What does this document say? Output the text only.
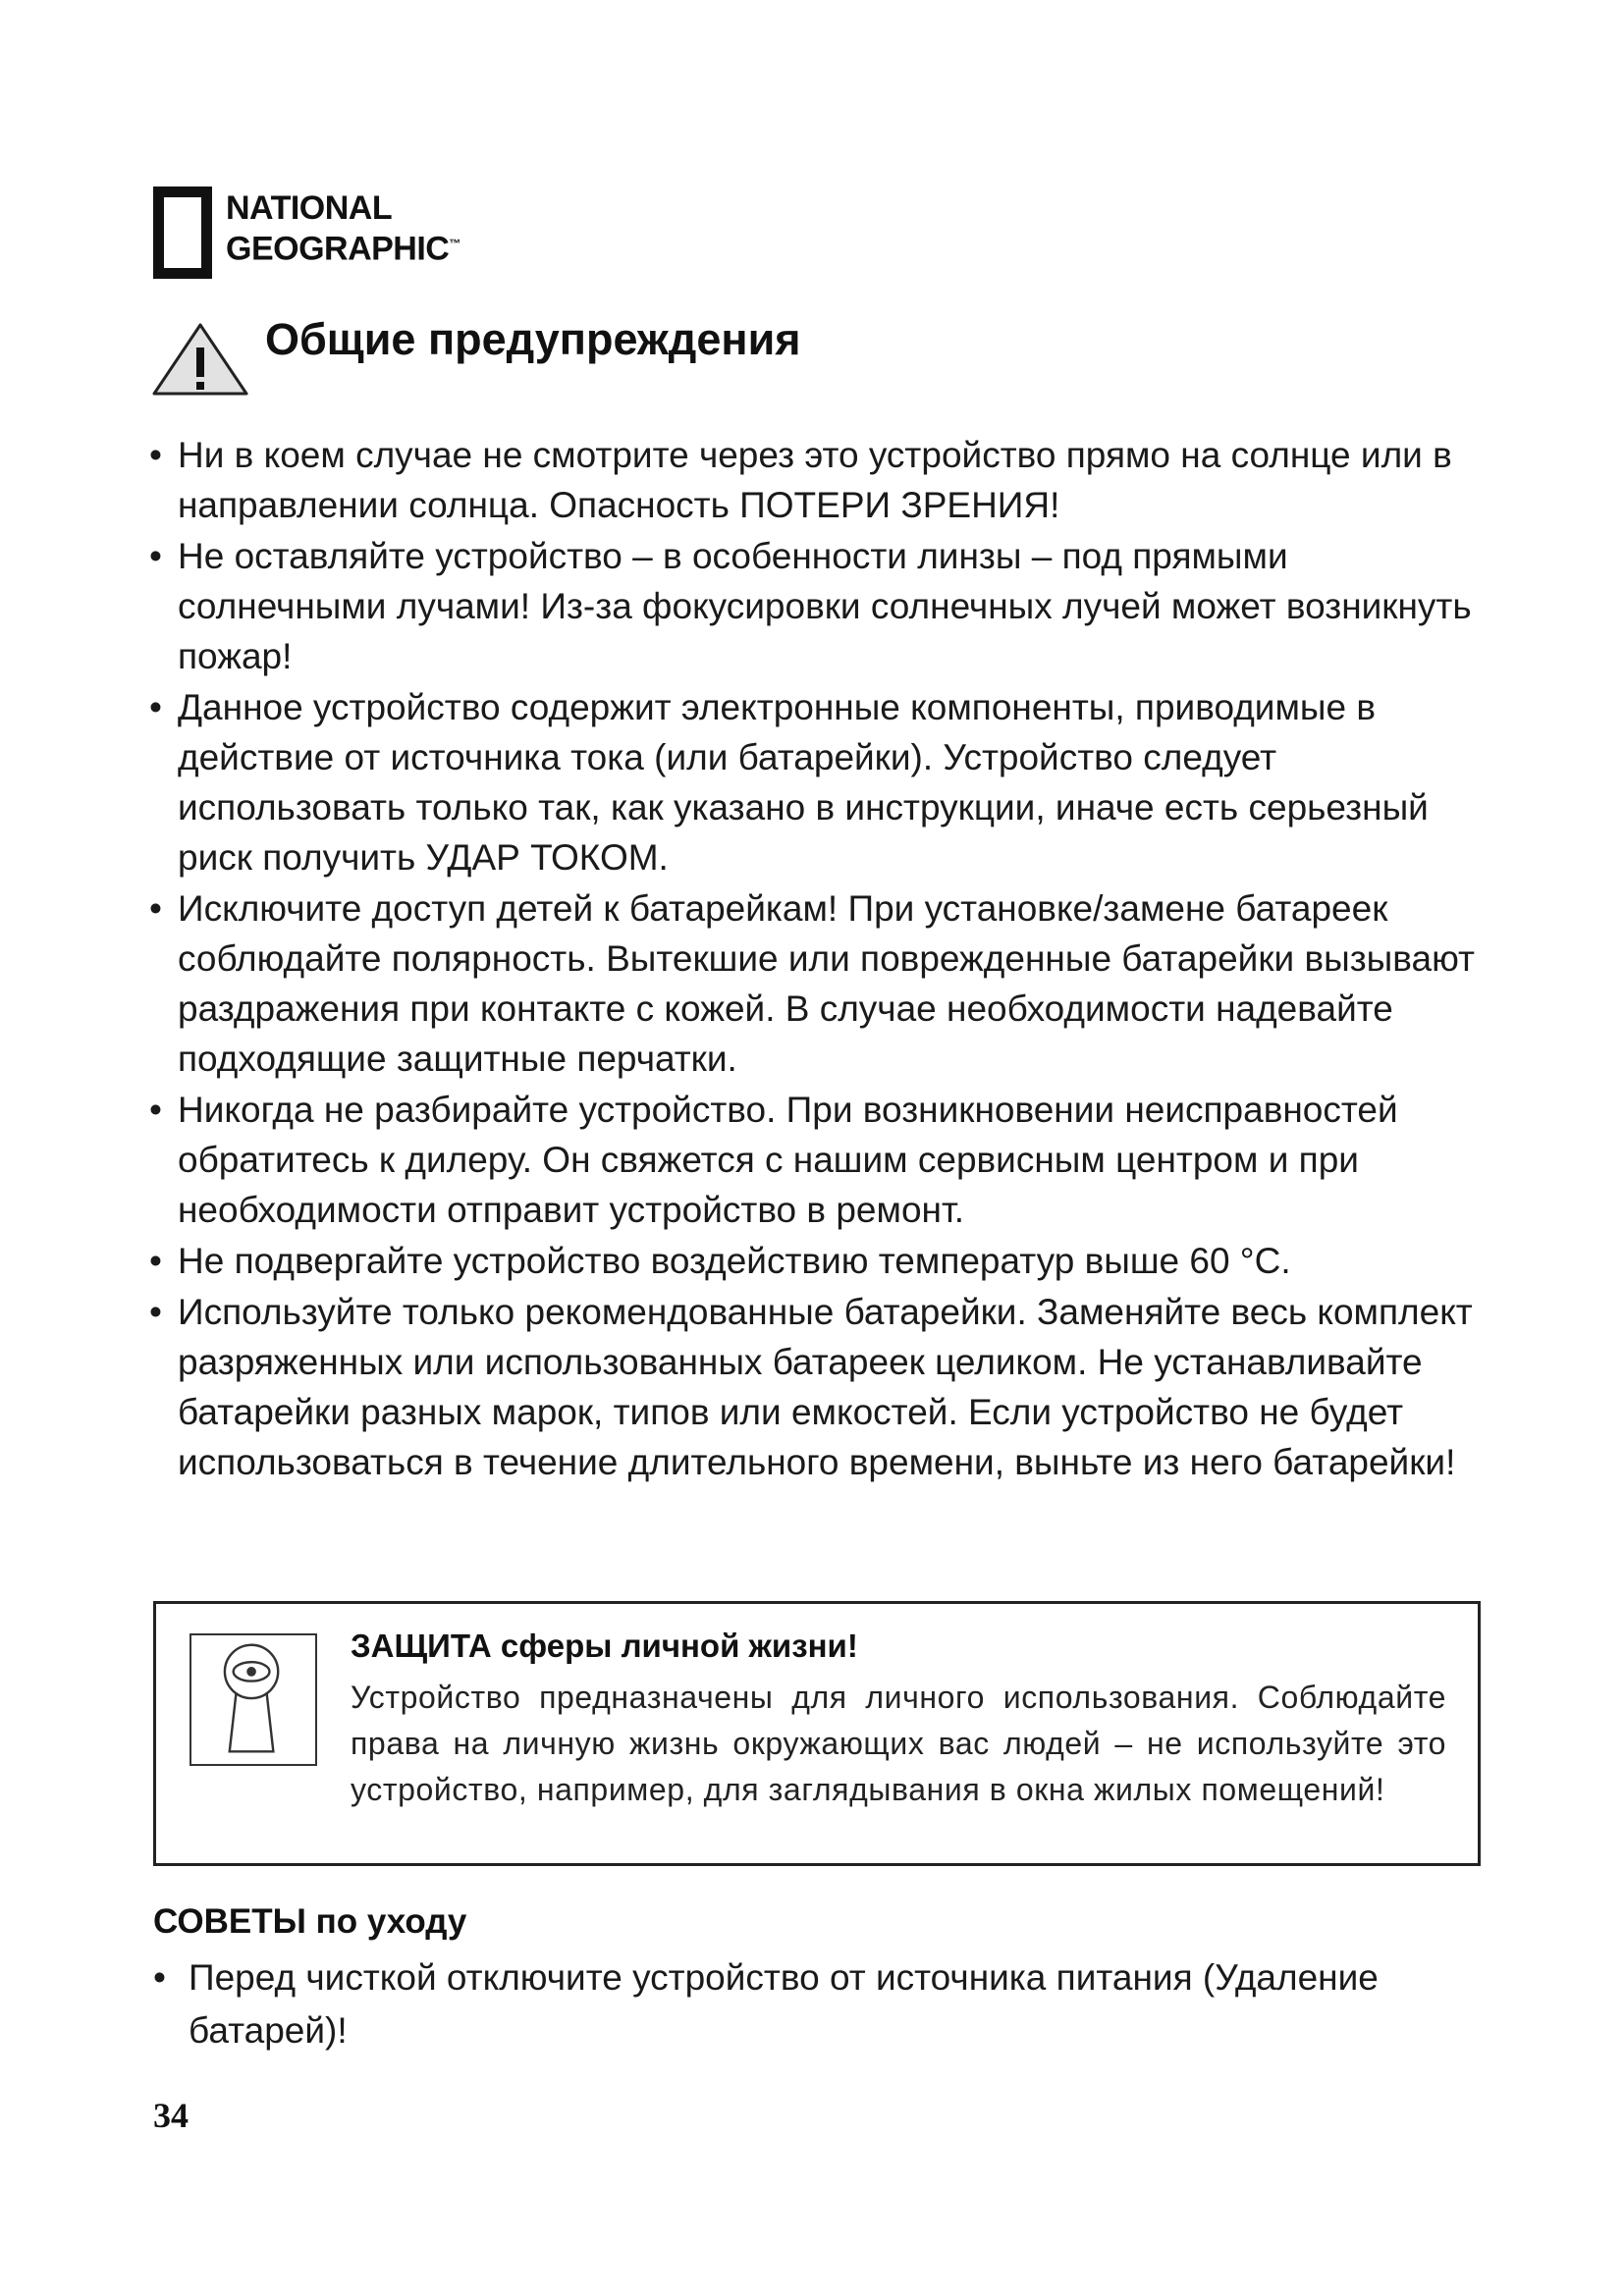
NATIONAL
GEOGRAPHIC™
Общие предупреждения
• Ни в коем случае не смотрите через это устройство прямо на солнце или в направлении солнца. Опасность ПОТЕРИ ЗРЕНИЯ!
• Не оставляйте устройство – в особенности линзы – под прямыми солнечными лучами! Из-за фокусировки солнечных лучей может возникнуть пожар!
• Данное устройство содержит электронные компоненты, приводимые в действие от источника тока (или батарейки). Устройство следует использовать только так, как указано в инструкции, иначе есть серьезный риск получить УДАР ТОКОМ.
• Исключите доступ детей к батарейкам! При установке/замене батареек соблюдайте полярность. Вытекшие или поврежденные батарейки вызывают раздражения при контакте с кожей. В случае необходимости надевайте подходящие защитные перчатки.
• Никогда не разбирайте устройство. При возникновении неисправностей обратитесь к дилеру. Он свяжется с нашим сервисным центром и при необходимости отправит устройство в ремонт.
• Не подвергайте устройство воздействию температур выше 60 °C.
• Используйте только рекомендованные батарейки. Заменяйте весь комплект разряженных или использованных батареек целиком. Не устанавливайте батарейки разных марок, типов или емкостей. Если устройство не будет использоваться в течение длительного времени, выньте из него батарейки!
ЗАЩИТА сферы личной жизни!
Устройство предназначены для личного использования. Соблюдайте права на личную жизнь окружающих вас людей – не используйте это устройство, например, для заглядывания в окна жилых помещений!
СОВЕТЫ по уходу
• Перед чисткой отключите устройство от источника питания (Удаление батарей)!
34
